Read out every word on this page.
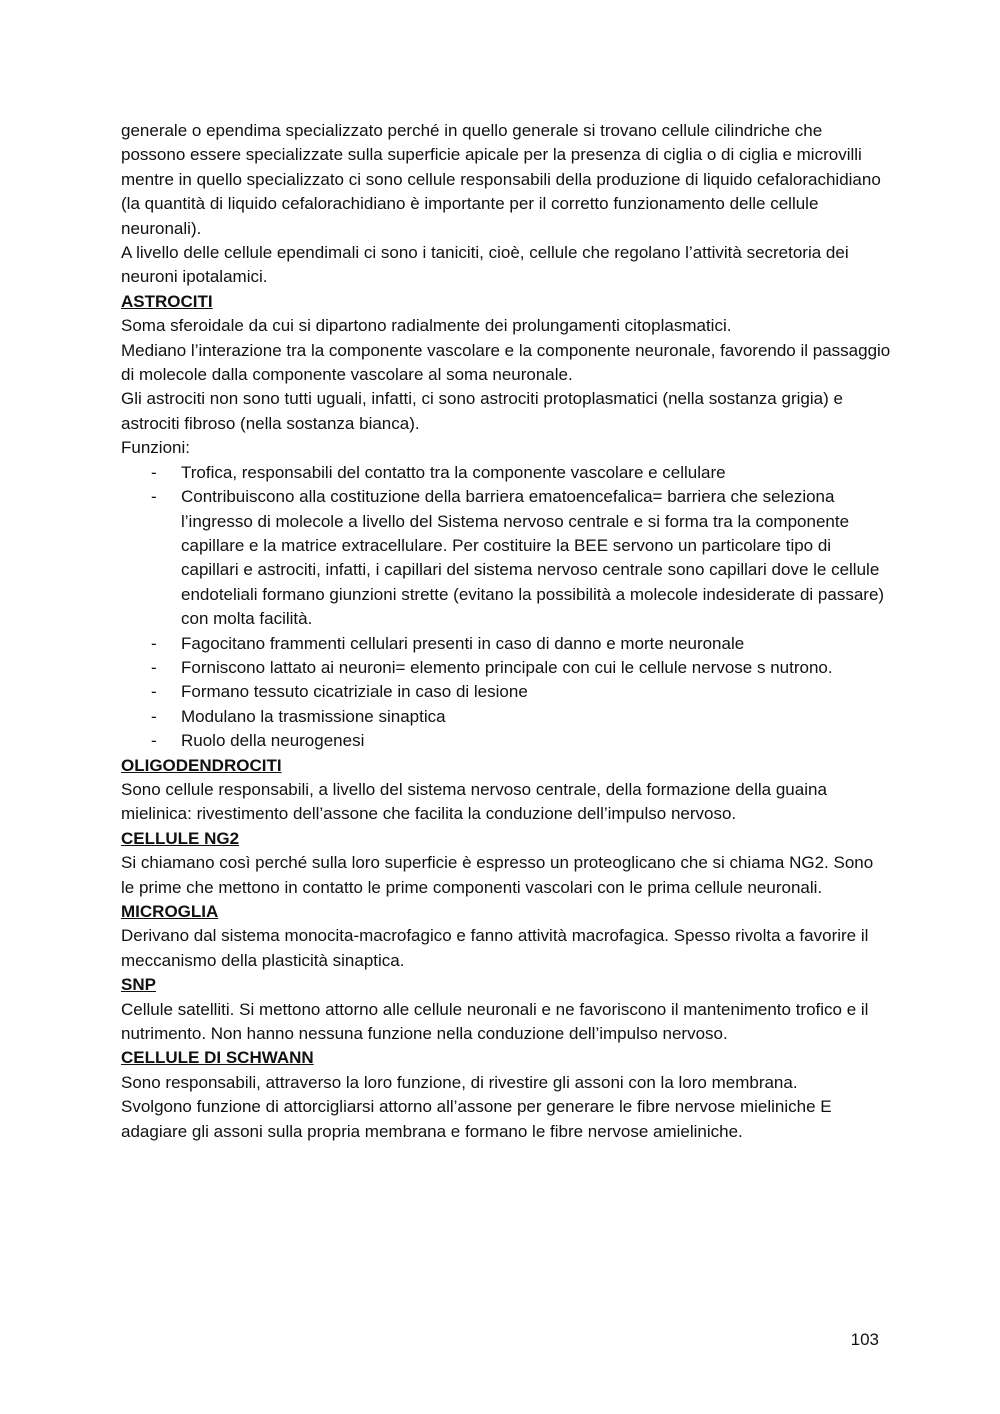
generale o ependima specializzato perché in quello generale si trovano cellule cilindriche che possono essere specializzate sulla superficie apicale per la presenza di ciglia o di ciglia e microvilli mentre in quello specializzato ci sono cellule responsabili della produzione di liquido cefalorachidiano (la quantità di liquido cefalorachidiano è importante per il corretto funzionamento delle cellule neuronali).

A livello delle cellule ependimali ci sono i taniciti, cioè, cellule che regolano l’attività secretoria dei neuroni ipotalamici.

ASTROCITI

Soma sferoidale da cui si dipartono radialmente dei prolungamenti citoplasmatici.

Mediano l’interazione tra la componente vascolare e la componente neuronale, favorendo il passaggio di molecole dalla componente vascolare al soma neuronale.

Gli astrociti non sono tutti uguali, infatti, ci sono astrociti protoplasmatici (nella sostanza grigia) e astrociti fibroso (nella sostanza bianca).

Funzioni:

- Trofica, responsabili del contatto tra la componente vascolare e cellulare
- Contribuiscono alla costituzione della barriera ematoencefalica= barriera che seleziona l’ingresso di molecole a livello del Sistema nervoso centrale e si forma tra la componente capillare e la matrice extracellulare. Per costituire la BEE servono un particolare tipo di capillari e astrociti, infatti, i capillari del sistema nervoso centrale sono capillari dove le cellule endoteliali formano giunzioni strette (evitano la possibilità a molecole indesiderate di passare) con molta facilità.
- Fagocitano frammenti cellulari presenti in caso di danno e morte neuronale
- Forniscono lattato ai neuroni= elemento principale con cui le cellule nervose s nutrono.
- Formano tessuto cicatriziale in caso di lesione
- Modulano la trasmissione sinaptica
- Ruolo della neurogenesi
OLIGODENDROCITI

Sono cellule responsabili, a livello del sistema nervoso centrale, della formazione della guaina mielinica: rivestimento dell’assone che facilita la conduzione dell’impulso nervoso.

CELLULE NG2

Si chiamano così perché sulla loro superficie è espresso un proteoglicano che si chiama NG2. Sono le prime che mettono in contatto le prime componenti vascolari con le prima cellule neuronali.

MICROGLIA

Derivano dal sistema monocita-macrofagico e fanno attività macrofagica. Spesso rivolta a favorire il meccanismo della plasticità sinaptica.

SNP

Cellule satelliti. Si mettono attorno alle cellule neuronali e ne favoriscono il mantenimento trofico e il nutrimento. Non hanno nessuna funzione nella conduzione dell’impulso nervoso.

CELLULE DI SCHWANN

Sono responsabili, attraverso la loro funzione, di rivestire gli assoni con la loro membrana.

Svolgono funzione di attorcigliarsi attorno all’assone per generare le fibre nervose mieliniche E adagiare gli assoni sulla propria membrana e formano le fibre nervose amieliniche.

103
